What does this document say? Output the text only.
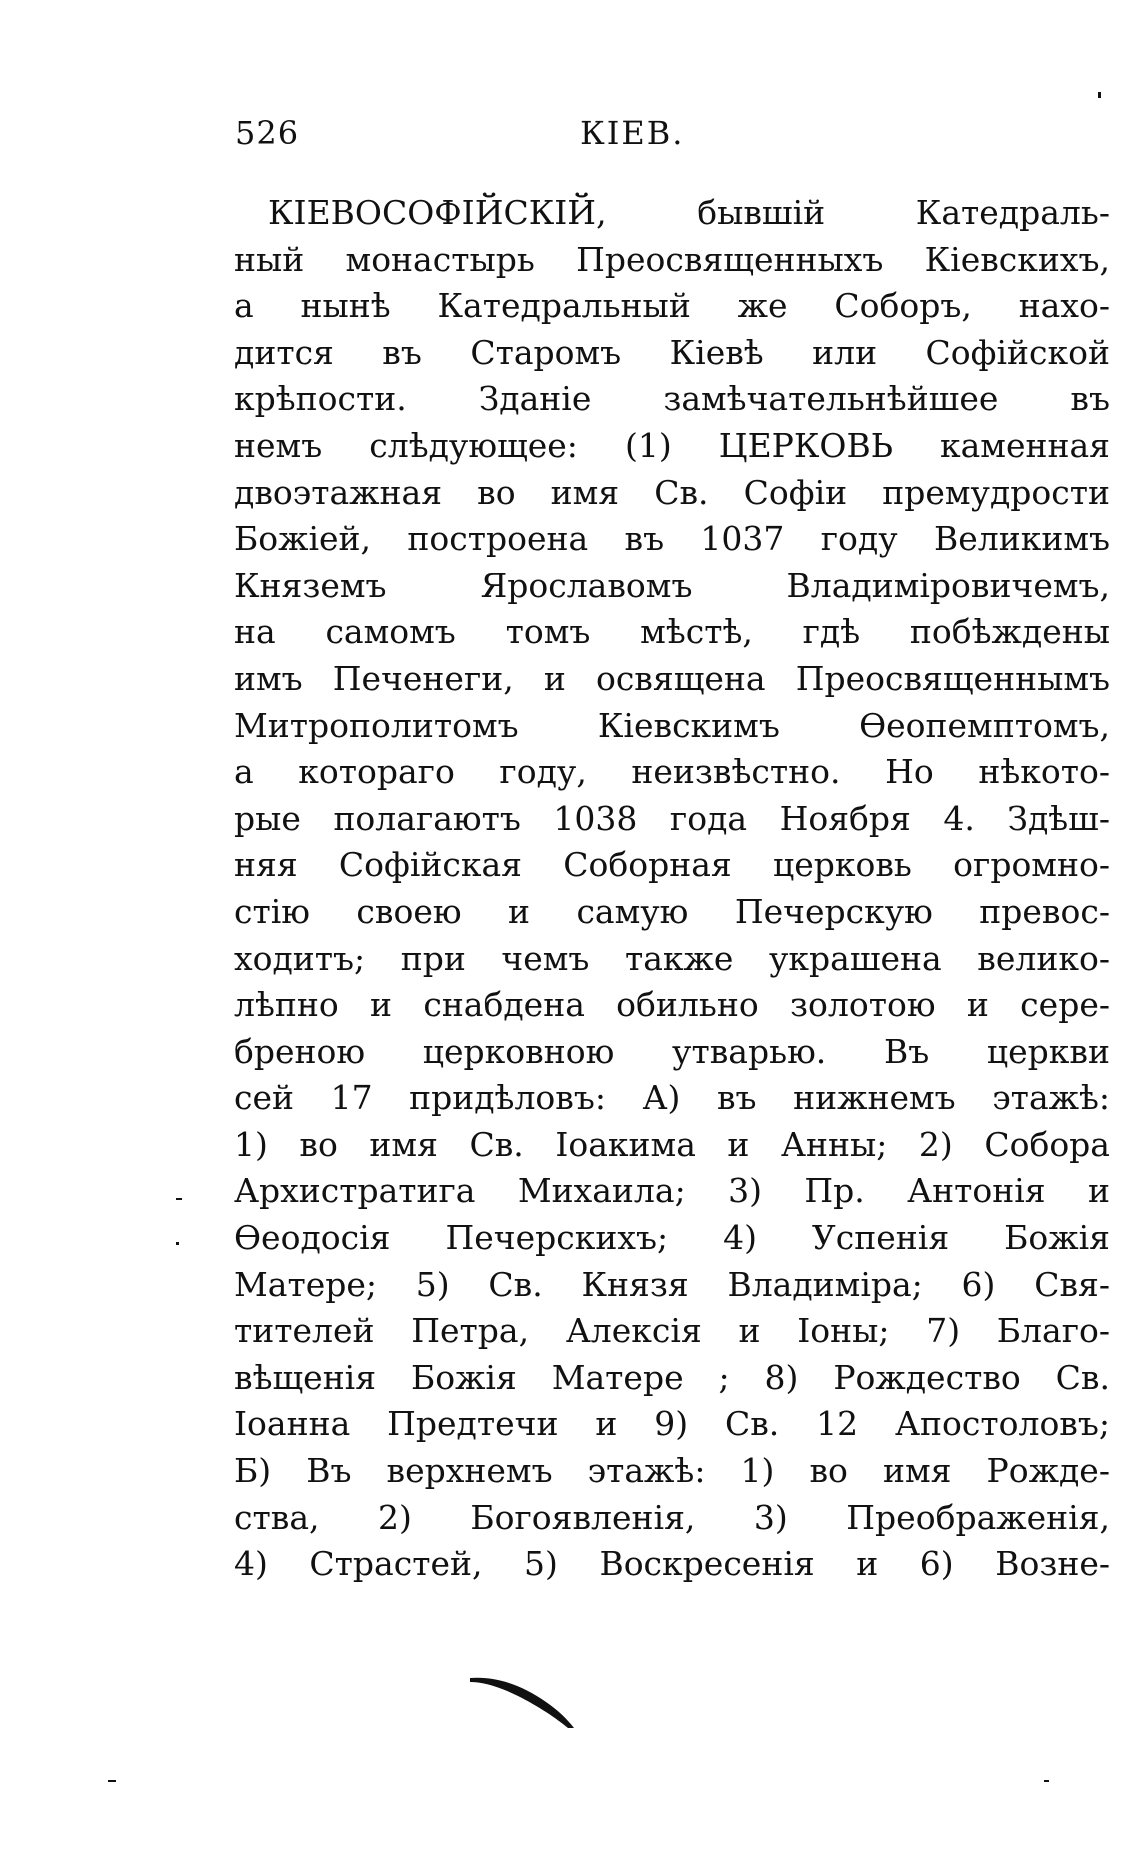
526	КІЕВ.
КІЕВОСОФІЙСКІЙ, бывшій Катедраль-
ный монастырь Преосвященныхъ Кіевскихъ,
а нынѣ Катедральный же Соборъ, нахо-
дится въ Старомъ Кіевѣ или Софійской
крѣпости. Зданіе замѣчательнѣйшее въ
немъ слѣдующее: (1) ЦЕРКОВЬ каменная
двоэтажная во имя Св. Софіи премудрости
Божіей, построена въ 1037 году Великимъ
Княземъ Ярославомъ Владиміровичемъ,
на самомъ томъ мѣстѣ, гдѣ побѣждены
имъ Печенеги, и освящена Преосвященнымъ
Митрополитомъ Кіевскимъ Өеопемптомъ,
а котораго году, неизвѣстно. Но нѣкото-
рые полагаютъ 1038 года Ноября 4. Здѣш-
няя Софійская Соборная церковь огромно-
стію своею и самую Печерскую превос-
ходитъ; при чемъ также украшена велико-
лѣпно и снабдена обильно золотою и сере-
бреною церковною утварью. Въ церкви
сей 17 придѣловъ: А) въ нижнемъ этажѣ:
1) во имя Св. Іоакима и Анны; 2) Собора
Архистратига Михаила; 3) Пр. Антонія и
Өеодосія Печерскихъ; 4) Успенія Божія
Матере; 5) Св. Князя Владиміра; 6) Свя-
тителей Петра, Алексія и Іоны; 7) Благо-
вѣщенія Божія Матере ; 8) Рождество Св.
Іоанна Предтечи и 9) Св. 12 Апостоловъ;
Б) Въ верхнемъ этажѣ: 1) во имя Рожде-
ства, 2) Богоявленія, 3) Преображенія,
4) Страстей, 5) Воскресенія и 6) Возне-
